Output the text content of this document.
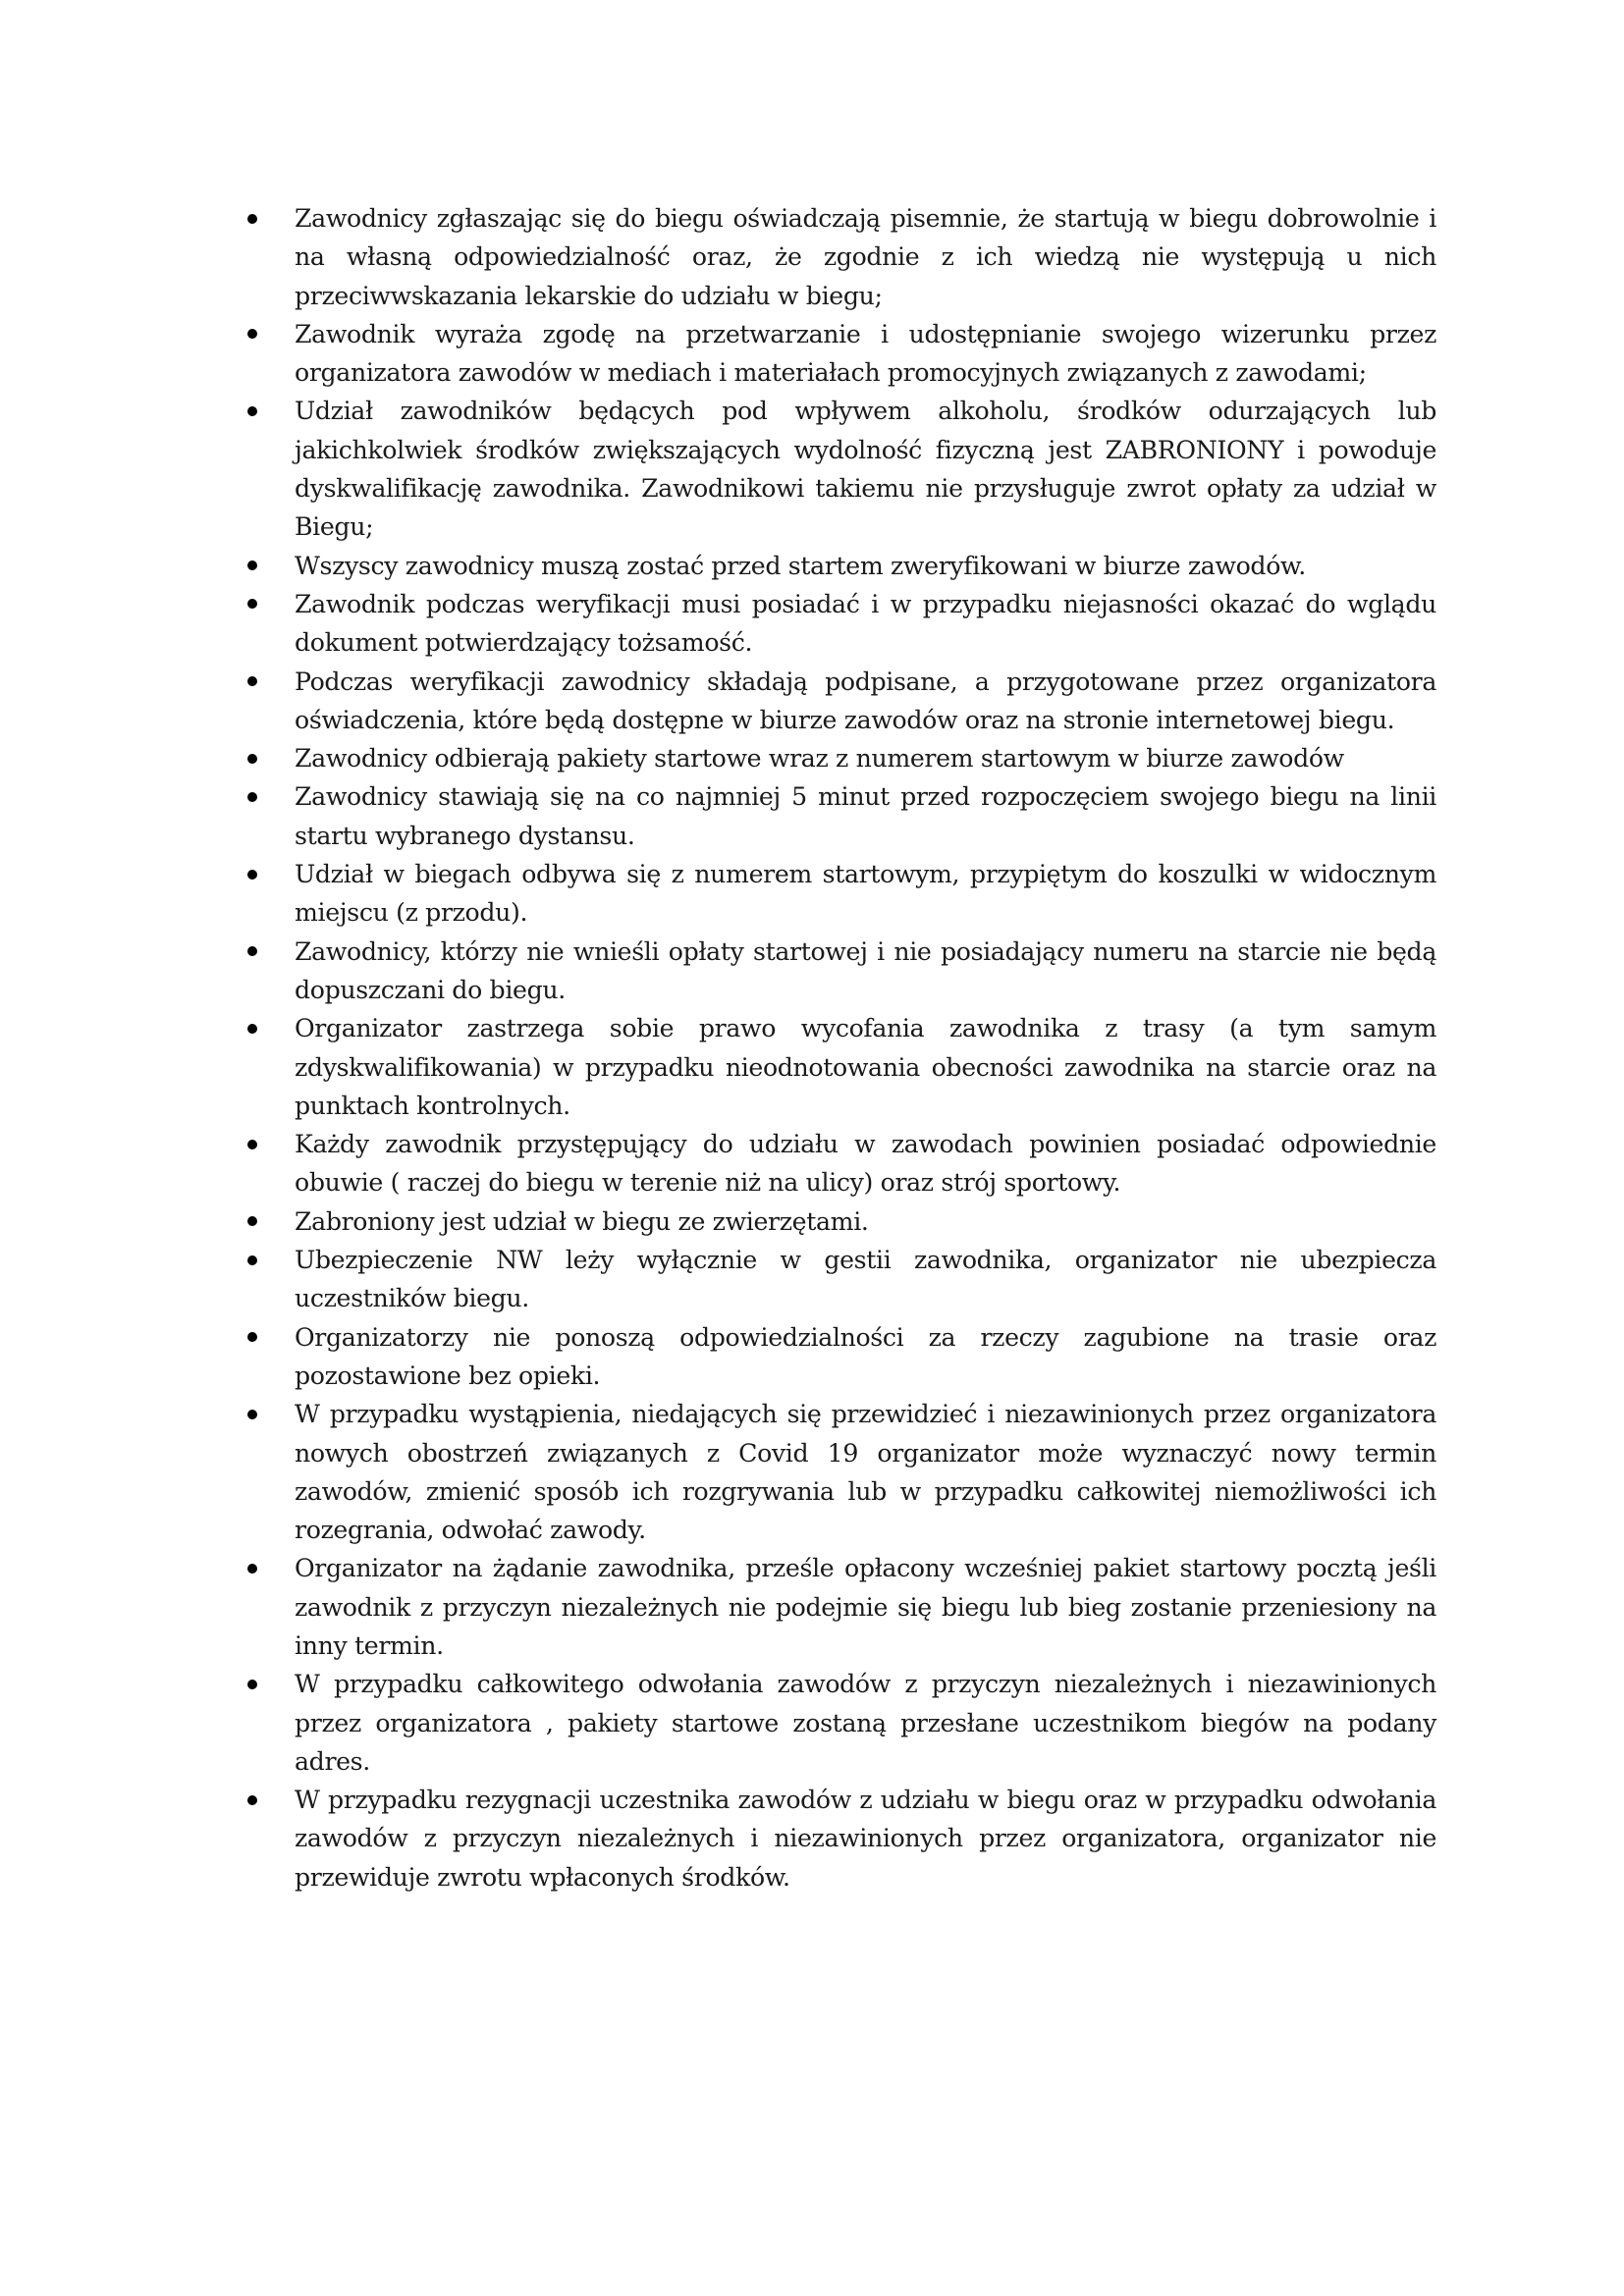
Zawodnicy zgłaszając się do biegu oświadczają pisemnie, że startują w biegu dobrowolnie i na własną odpowiedzialność oraz, że zgodnie z ich wiedzą nie występują u nich przeciwwskazania lekarskie do udziału w biegu;
Zawodnik wyraża zgodę na przetwarzanie i udostępnianie swojego wizerunku przez organizatora zawodów w mediach i materiałach promocyjnych związanych z zawodami;
Udział zawodników będących pod wpływem alkoholu, środków odurzających lub jakichkolwiek środków zwiększających wydolność fizyczną jest ZABRONIONY i powoduje dyskwalifikację zawodnika. Zawodnikowi takiemu nie przysługuje zwrot opłaty za udział w Biegu;
Wszyscy zawodnicy muszą zostać przed startem zweryfikowani w biurze zawodów.
Zawodnik podczas weryfikacji musi posiadać i w przypadku niejasności okazać do wglądu dokument potwierdzający tożsamość.
Podczas weryfikacji zawodnicy składają podpisane, a przygotowane przez organizatora oświadczenia, które będą dostępne w biurze zawodów oraz na stronie internetowej biegu.
Zawodnicy odbierają pakiety startowe wraz z numerem startowym w biurze zawodów
Zawodnicy stawiają się na co najmniej 5 minut przed rozpoczęciem swojego biegu na linii startu wybranego dystansu.
Udział w biegach odbywa się z numerem startowym, przypiętym do koszulki w widocznym miejscu (z przodu).
Zawodnicy, którzy nie wnieśli opłaty startowej i nie posiadający numeru na starcie nie będą dopuszczani do biegu.
Organizator zastrzega sobie prawo wycofania zawodnika z trasy (a tym samym zdyskwalifikowania) w przypadku nieodnotowania obecności zawodnika na starcie oraz na punktach kontrolnych.
Każdy zawodnik przystępujący do udziału w zawodach powinien posiadać odpowiednie obuwie ( raczej do biegu w terenie niż na ulicy) oraz strój sportowy.
Zabroniony jest udział w biegu ze zwierzętami.
Ubezpieczenie NW leży wyłącznie w gestii zawodnika, organizator nie ubezpiecza uczestników biegu.
Organizatorzy nie ponoszą odpowiedzialności za rzeczy zagubione na trasie oraz pozostawione bez opieki.
W przypadku wystąpienia, niedających się przewidzieć i niezawinionych przez organizatora nowych obostrzeń związanych z Covid 19 organizator może wyznaczyć nowy termin zawodów, zmienić sposób ich rozgrywania lub w przypadku całkowitej niemożliwości ich rozegrania, odwołać zawody.
Organizator na żądanie zawodnika, prześle opłacony wcześniej pakiet startowy pocztą jeśli zawodnik z przyczyn niezależnych nie podejmie się biegu lub bieg zostanie przeniesiony na inny termin.
W przypadku całkowitego odwołania zawodów z przyczyn niezależnych i niezawinionych przez organizatora , pakiety startowe zostaną przesłane uczestnikom biegów na podany adres.
W przypadku rezygnacji uczestnika zawodów z udziału w biegu oraz w przypadku odwołania zawodów z przyczyn niezależnych i niezawinionych przez organizatora, organizator nie przewiduje zwrotu wpłaconych środków.
